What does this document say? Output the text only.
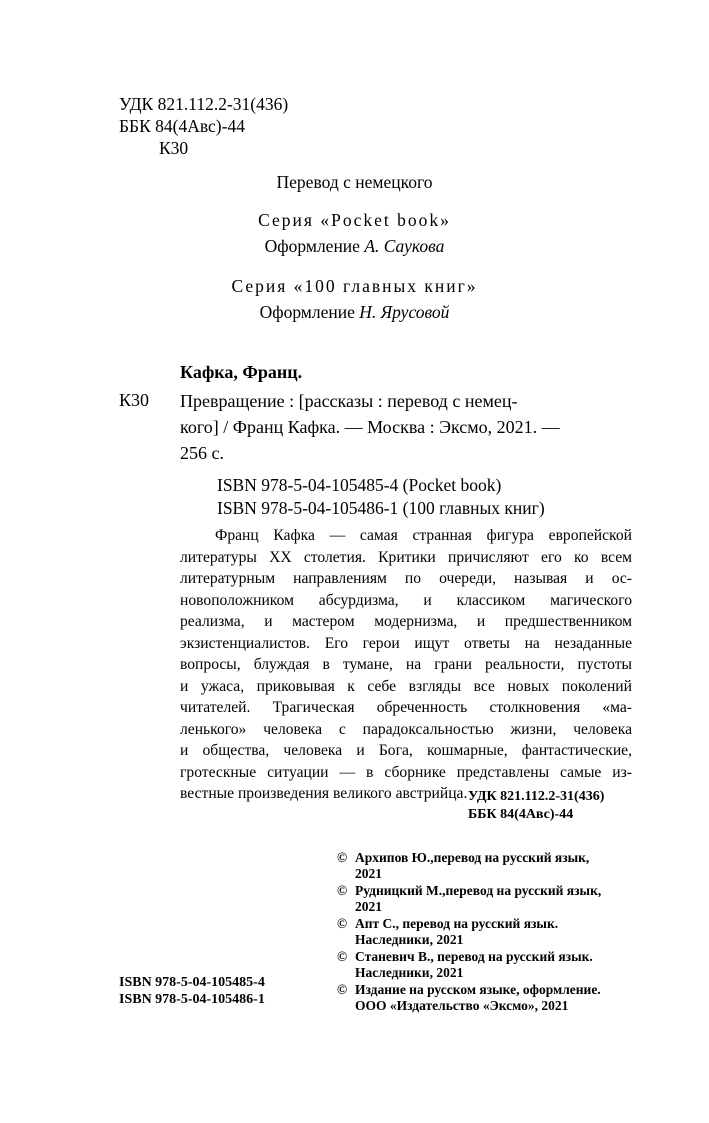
УДК 821.112.2-31(436)
ББК 84(4Авс)-44
К30
Перевод с немецкого
Серия «Pocket book»
Оформление А. Саукова
Серия «100 главных книг»
Оформление Н. Ярусовой
Кафка, Франц.
К30 Превращение : [рассказы : перевод с немец-
кого] / Франц Кафка. — Москва : Эксмо, 2021. —
256 с.
ISBN 978-5-04-105485-4 (Pocket book)
ISBN 978-5-04-105486-1 (100 главных книг)
Франц Кафка — самая странная фигура европейской
литературы XX столетия. Критики причисляют его ко всем
литературным направлениям по очереди, называя и ос-
новоположником абсурдизма, и классиком магического
реализма, и мастером модернизма, и предшественником
экзистенциалистов. Его герои ищут ответы на незаданные
вопросы, блуждая в тумане, на грани реальности, пустоты
и ужаса, приковывая к себе взгляды все новых поколений
читателей. Трагическая обреченность столкновения «ма-
ленького» человека с парадоксальностью жизни, человека
и общества, человека и Бога, кошмарные, фантастические,
гротескные ситуации — в сборнике представлены самые из-
вестные произведения великого австрийца. УДК 821.112.2-31(436)
ББК 84(4Авс)-44
© Архипов Ю.,перевод на русский язык,
2021
© Рудницкий М.,перевод на русский язык,
2021
© Апт С., перевод на русский язык.
Наследники, 2021
© Станевич В., перевод на русский язык.
Наследники, 2021
© Издание на русском языке, оформление.
ООО «Издательство «Эксмо», 2021
ISBN 978-5-04-105485-4
ISBN 978-5-04-105486-1
